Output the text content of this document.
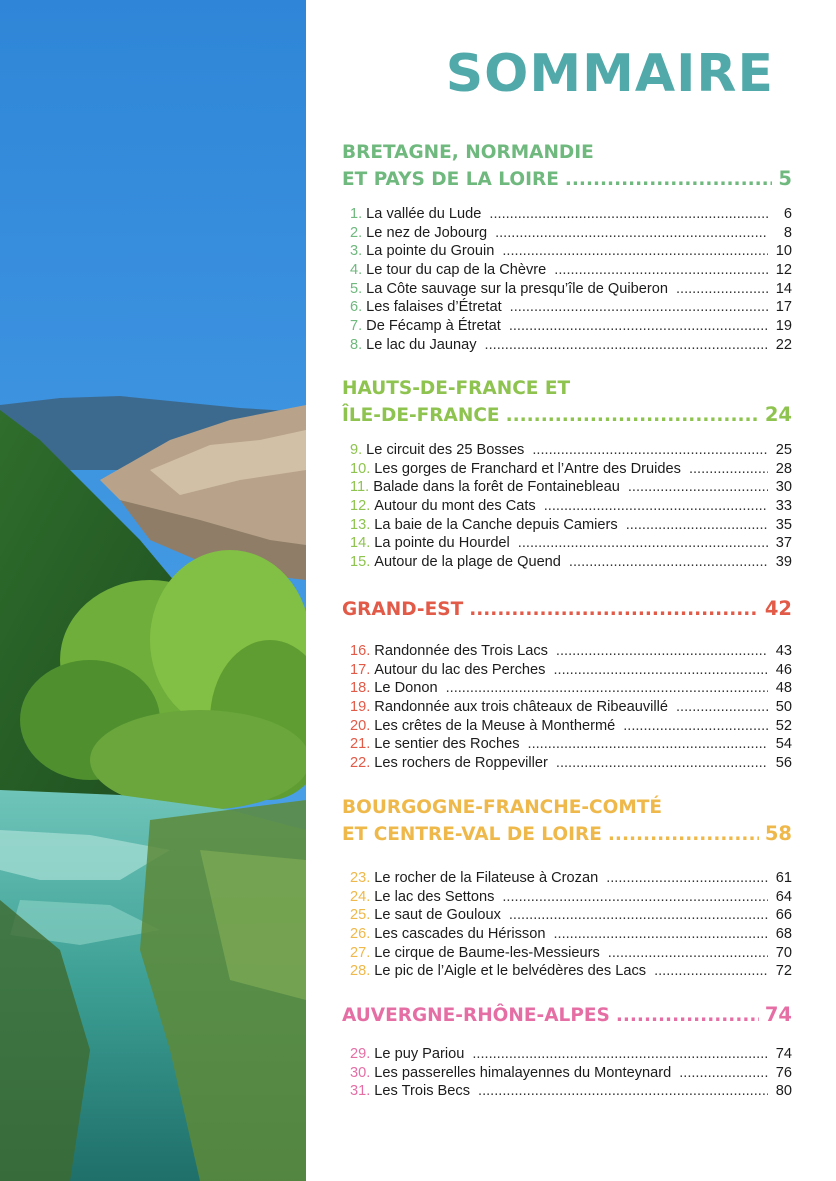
SOMMAIRE
BRETAGNE, NORMANDIE
ET PAYS DE LA LOIRE .....	5
1. La vallée du Lude .....	6
2. Le nez de Jobourg .....	8
3. La pointe du Grouin .....	10
4. Le tour du cap de la Chèvre .....	12
5. La Côte sauvage sur la presqu’île de Quiberon .....	14
6. Les falaises d’Étretat .....	17
7. De Fécamp à Étretat .....	19
8. Le lac du Jaunay .....	22
HAUTS-DE-FRANCE ET
ÎLE-DE-FRANCE .....	24
9. Le circuit des 25 Bosses .....	25
10. Les gorges de Franchard et l’Antre des Druides .....	28
11. Balade dans la forêt de Fontainebleau .....	30
12. Autour du mont des Cats .....	33
13. La baie de la Canche depuis Camiers .....	35
14. La pointe du Hourdel .....	37
15. Autour de la plage de Quend .....	39
GRAND-EST .....	42
16. Randonnée des Trois Lacs .....	43
17. Autour du lac des Perches .....	46
18. Le Donon .....	48
19. Randonnée aux trois châteaux de Ribeauvillé .....	50
20. Les crêtes de la Meuse à Monthermé .....	52
21. Le sentier des Roches .....	54
22. Les rochers de Roppeviller .....	56
BOURGOGNE-FRANCHE-COMTÉ
ET CENTRE-VAL DE LOIRE .....	58
23. Le rocher de la Filateuse à Crozan .....	61
24. Le lac des Settons .....	64
25. Le saut de Gouloux .....	66
26. Les cascades du Hérisson .....	68
27. Le cirque de Baume-les-Messieurs .....	70
28. Le pic de l’Aigle et le belvédères des Lacs .....	72
AUVERGNE-RHÔNE-ALPES .....	74
29. Le puy Pariou .....	74
30. Les passerelles himalayennes du Monteynard .....	76
31. Les Trois Becs .....	80
